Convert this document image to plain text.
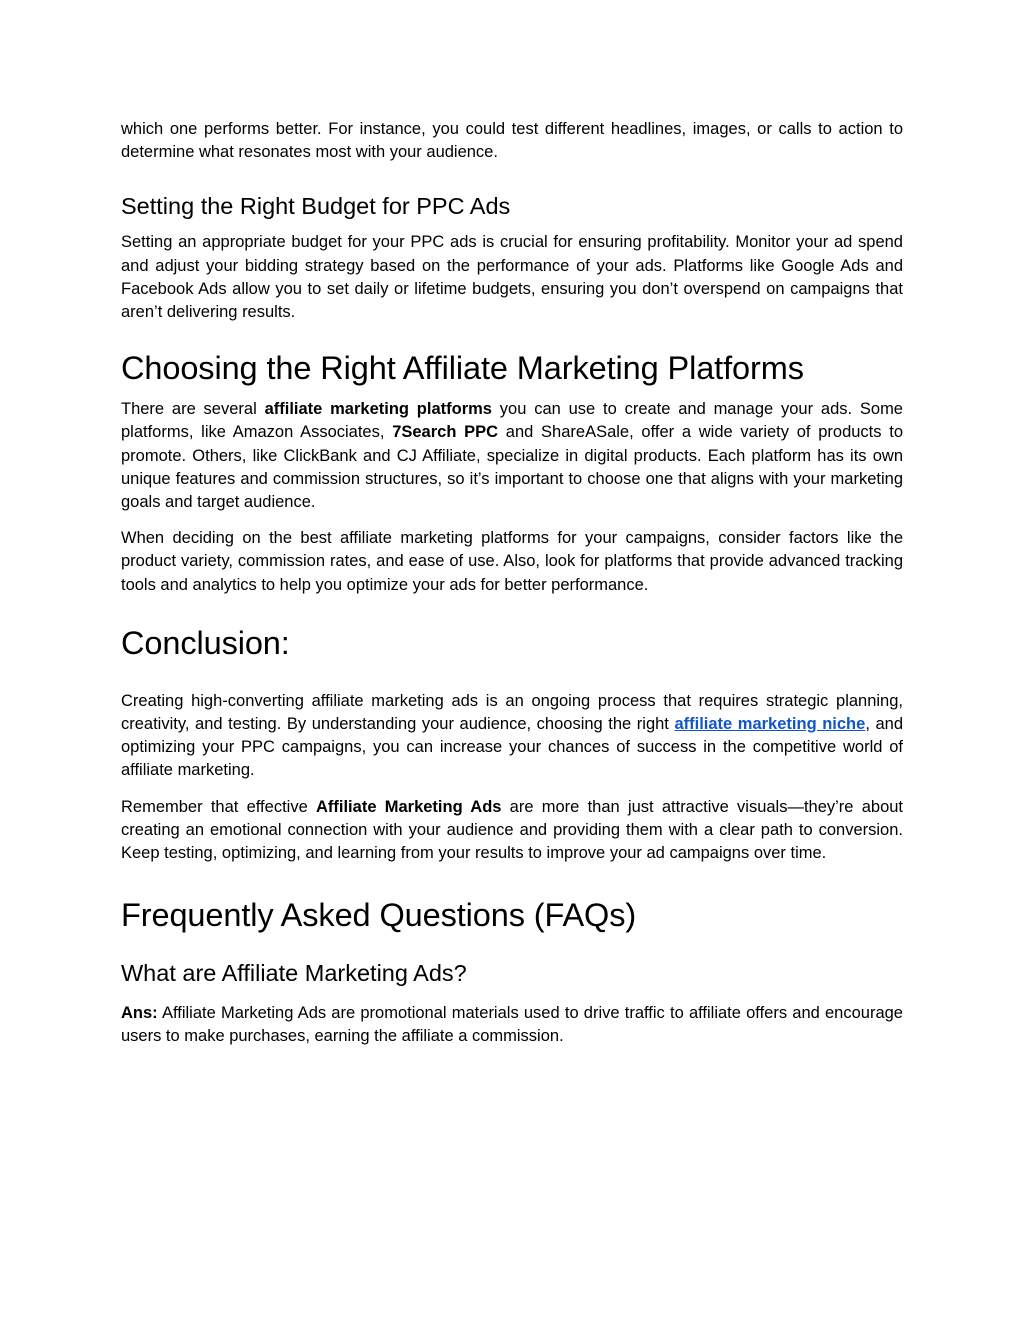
which one performs better. For instance, you could test different headlines, images, or calls to action to determine what resonates most with your audience.

Setting the Right Budget for PPC Ads

Setting an appropriate budget for your PPC ads is crucial for ensuring profitability. Monitor your ad spend and adjust your bidding strategy based on the performance of your ads. Platforms like Google Ads and Facebook Ads allow you to set daily or lifetime budgets, ensuring you don’t overspend on campaigns that aren’t delivering results.

Choosing the Right Affiliate Marketing Platforms

There are several affiliate marketing platforms you can use to create and manage your ads. Some platforms, like Amazon Associates, 7Search PPC and ShareASale, offer a wide variety of products to promote. Others, like ClickBank and CJ Affiliate, specialize in digital products. Each platform has its own unique features and commission structures, so it’s important to choose one that aligns with your marketing goals and target audience.

When deciding on the best affiliate marketing platforms for your campaigns, consider factors like the product variety, commission rates, and ease of use. Also, look for platforms that provide advanced tracking tools and analytics to help you optimize your ads for better performance.

Conclusion:

Creating high-converting affiliate marketing ads is an ongoing process that requires strategic planning, creativity, and testing. By understanding your audience, choosing the right affiliate marketing niche, and optimizing your PPC campaigns, you can increase your chances of success in the competitive world of affiliate marketing.

Remember that effective Affiliate Marketing Ads are more than just attractive visuals—they’re about creating an emotional connection with your audience and providing them with a clear path to conversion. Keep testing, optimizing, and learning from your results to improve your ad campaigns over time.

Frequently Asked Questions (FAQs)
What are Affiliate Marketing Ads?

Ans: Affiliate Marketing Ads are promotional materials used to drive traffic to affiliate offers and encourage users to make purchases, earning the affiliate a commission.
